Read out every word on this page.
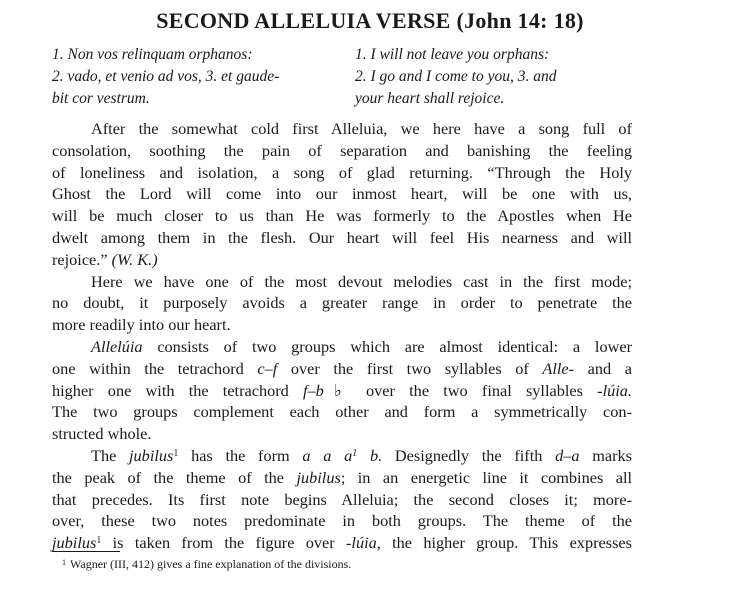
SECOND ALLELUIA VERSE (John 14: 18)
1. Non vos relinquam orphanos:
2. vado, et venio ad vos, 3. et gaude-
bit cor vestrum.
1. I will not leave you orphans:
2. I go and I come to you, 3. and
your heart shall rejoice.
After the somewhat cold first Alleluia, we here have a song full of
consolation, soothing the pain of separation and banishing the feeling
of loneliness and isolation, a song of glad returning. “Through the Holy
Ghost the Lord will come into our inmost heart, will be one with us,
will be much closer to us than He was formerly to the Apostles when He
dwelt among them in the flesh. Our heart will feel His nearness and will
rejoice.” (W. K.)
Here we have one of the most devout melodies cast in the first mode;
no doubt, it purposely avoids a greater range in order to penetrate the
more readily into our heart.
Allelúia consists of two groups which are almost identical: a lower
one within the tetrachord c–f over the first two syllables of Alle- and a
higher one with the tetrachord f–b♭ over the two final syllables -lúia.
The two groups complement each other and form a symmetrically con-
structed whole.
The jubilus$^1$ has the form a a $a^1$ b. Designedly the fifth d–a marks
the peak of the theme of the jubilus; in an energetic line it combines all
that precedes. Its first note begins Alleluia; the second closes it; more-
over, these two notes predominate in both groups. The theme of the
jubilus$^1$ is taken from the figure over -lúia, the higher group. This expresses
$^1$ Wagner (III, 412) gives a fine explanation of the divisions.
